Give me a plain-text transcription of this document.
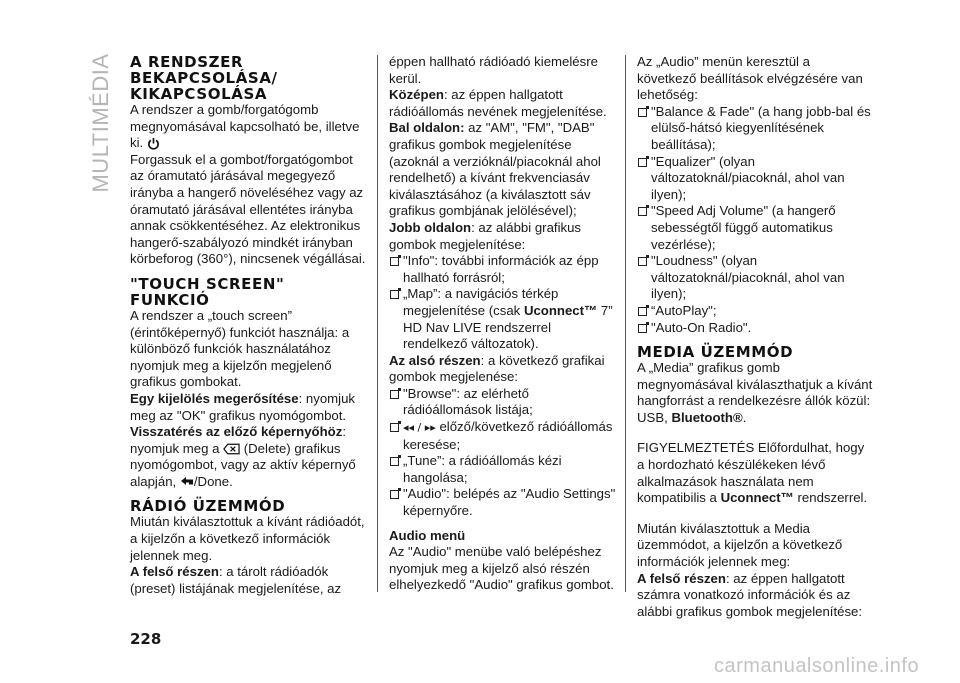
MULTIMÉDIA A RENDSZER BEKAPCSOLÁSA/ KIKAPCSOLÁSA

A rendszer a gomb/forgatógomb megnyomásával kapcsolható be, illetve ki.

Forgassuk el a gombot/forgatógombot az óramutató járásával megegyező irányba a hangerő növeléséhez vagy az óramutató járásával ellentétes irányba annak csökkentéséhez. Az elektronikus hangerő-szabályozó mindkét irányban körbeforog (360°), nincsenek végállásai.

"TOUCH SCREEN" FUNKCIÓ

A rendszer a „touch screen” (érintőképernyő) funkciót használja: a különböző funkciók használatához nyomjuk meg a kijelzőn megjelenő grafikus gombokat.

Egy kijelölés megerősítése: nyomjuk meg az "OK" grafikus nyomógombot.

Visszatérés az előző képernyőhöz:
nyomjuk meg a (Delete) grafikus nyomógombot, vagy az aktív képernyő alapján, /Done.

RÁDIÓ ÜZEMMÓD

Miután kiválasztottuk a kívánt rádióadót, a kijelzőn a következő információk jelennek meg.

A felső részen: a tárolt rádióadók (preset) listájának megjelenítése, az

éppen hallható rádióadó kiemelésre kerül.

Középen: az éppen hallgatott rádióállomás nevének megjelenítése.

Bal oldalon: az "AM", "FM", "DAB" grafikus gombok megjelenítése (azoknál a verzióknál/piacoknál ahol rendelhető) a kívánt frekvenciasáv kiválasztásához (a kiválasztott sáv grafikus gombjának jelölésével);

Jobb oldalon: az alábbi grafikus gombok megjelenítése:

"Info": további információk az épp hallható forrásról;

„Map”: a navigációs térkép megjelenítése (csak Uconnect™ 7” HD Nav LIVE rendszerrel rendelkező változatok).

Az alsó részen: a következő grafikai gombok megjelenése:

"Browse": az elérhető rádióállomások listája;

◂◂ / ▸▸ előző/következő rádióállomás keresése;

„Tune”: a rádióállomás kézi hangolása;

"Audio": belépés az "Audio Settings" képernyőre.

Audio menü

Az "Audio" menübe való belépéshez nyomjuk meg a kijelző alsó részén elhelyezkedő "Audio" grafikus gombot.

Az „Audio” menün keresztül a következő beállítások elvégzésére van lehetőség:

"Balance & Fade" (a hang jobb-bal és elülső-hátsó kiegyenlítésének beállítása);

"Equalizer" (olyan változatoknál/piacoknál, ahol van ilyen);

"Speed Adj Volume" (a hangerő sebességtől függő automatikus vezérlése);

"Loudness" (olyan változatoknál/piacoknál, ahol van ilyen);

“AutoPlay";

"Auto-On Radio".

MEDIA ÜZEMMÓD

A „Media” grafikus gomb megnyomásával kiválaszthatjuk a kívánt hangforrást a rendelkezésre állók közül: USB, Bluetooth®.

FIGYELMEZTETÉS Előfordulhat, hogy a hordozható készülékeken lévő alkalmazások használata nem kompatibilis a Uconnect™ rendszerrel.

Miután kiválasztottuk a Media üzemmódot, a kijelzőn a következő információk jelennek meg:

A felső részen: az éppen hallgatott számra vonatkozó információk és az alábbi grafikus gombok megjelenítése:

228
carmanualsonline.info
